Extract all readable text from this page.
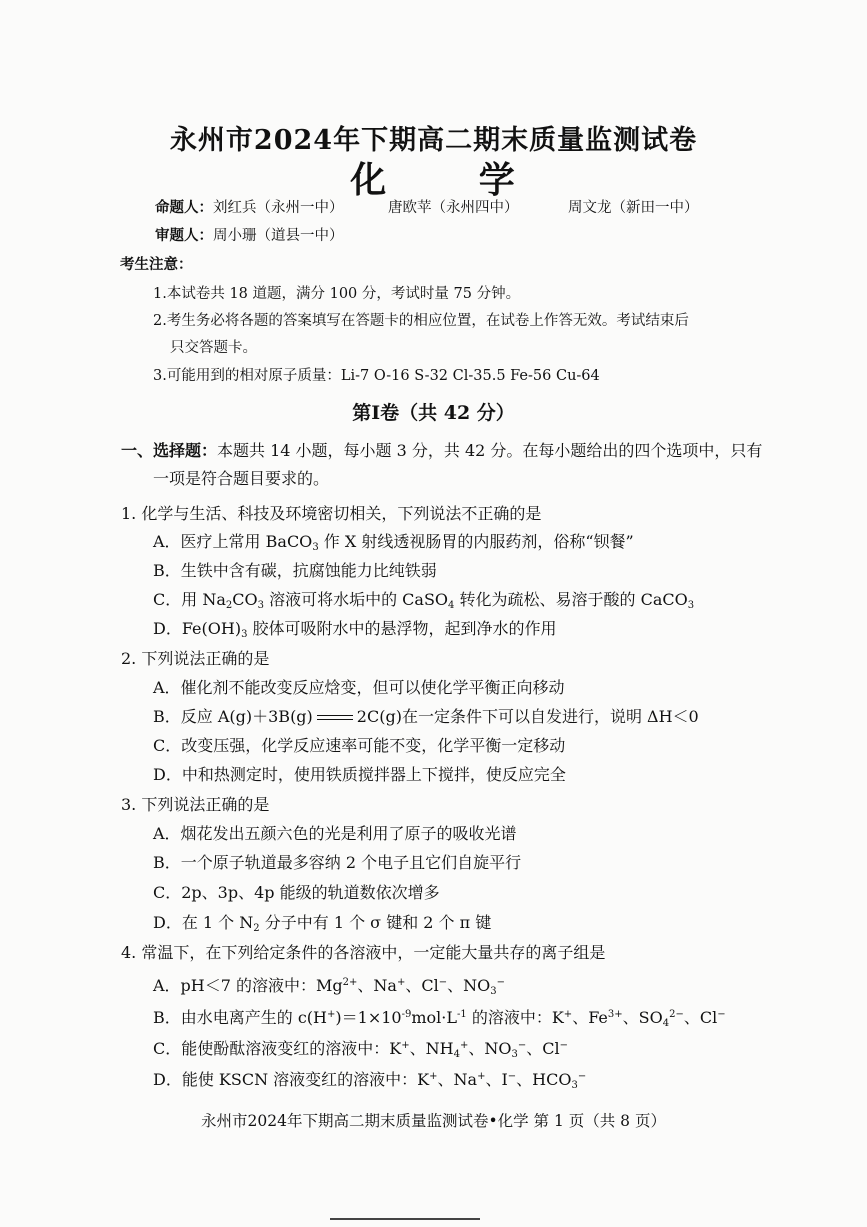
永州市2024年下期高二期末质量监测试卷
化 学
命题人：刘红兵（永州一中）	唐欧苹（永州四中）	周文龙（新田一中）
审题人：周小珊（道县一中）
考生注意：
1.本试卷共 18 道题，满分 100 分，考试时量 75 分钟。
2.考生务必将各题的答案填写在答题卡的相应位置，在试卷上作答无效。考试结束后
只交答题卡。
3.可能用到的相对原子质量：Li-7 O-16 S-32 Cl-35.5 Fe-56 Cu-64
第Ⅰ卷（共 42 分）
一、选择题：本题共 14 小题，每小题 3 分，共 42 分。在每小题给出的四个选项中，只有
一项是符合题目要求的。
1. 化学与生活、科技及环境密切相关，下列说法不正确的是
A．医疗上常用 BaCO$_3$ 作 X 射线透视肠胃的内服药剂，俗称“钡餐”
B．生铁中含有碳，抗腐蚀能力比纯铁弱
C．用 $Na_2CO_3$ 溶液可将水垢中的 CaSO$_4$ 转化为疏松、易溶于酸的 CaCO$_3$
D．$Fe(OH)_3$ 胶体可吸附水中的悬浮物，起到净水的作用
2. 下列说法正确的是
A．催化剂不能改变反应焓变，但可以使化学平衡正向移动
B．反应 A(g)＋3B(g)	2C(g)在一定条件下可以自发进行，说明 ΔH＜0
C．改变压强，化学反应速率可能不变，化学平衡一定移动
D．中和热测定时，使用铁质搅拌器上下搅拌，使反应完全
3. 下列说法正确的是
A．烟花发出五颜六色的光是利用了原子的吸收光谱
B．一个原子轨道最多容纳 2 个电子且它们自旋平行
C．2p、3p、4p 能级的轨道数依次增多
D．在 1 个 $N_2$ 分子中有 1 个 σ 键和 2 个 π 键
4. 常温下，在下列给定条件的各溶液中，一定能大量共存的离子组是
A．pH＜7 的溶液中：$Mg^{2+}$、Na+、Cl−、$NO_3^-$
B．由水电离产生的 $c(H^+)=1\times 10^{-9}mol\cdot L^{-1}$ 的溶液中：K+、$Fe^{3+}$、$SO_4^{2-}$、Cl−
C．能使酚酞溶液变红的溶液中：K+、$NH_4^+$、$NO_3^-$、Cl−
D．能使 KSCN 溶液变红的溶液中：K+、Na+、I−、$HCO_3^-$
永州市2024年下期高二期末质量监测试卷•化学 第 1 页（共 8 页）
